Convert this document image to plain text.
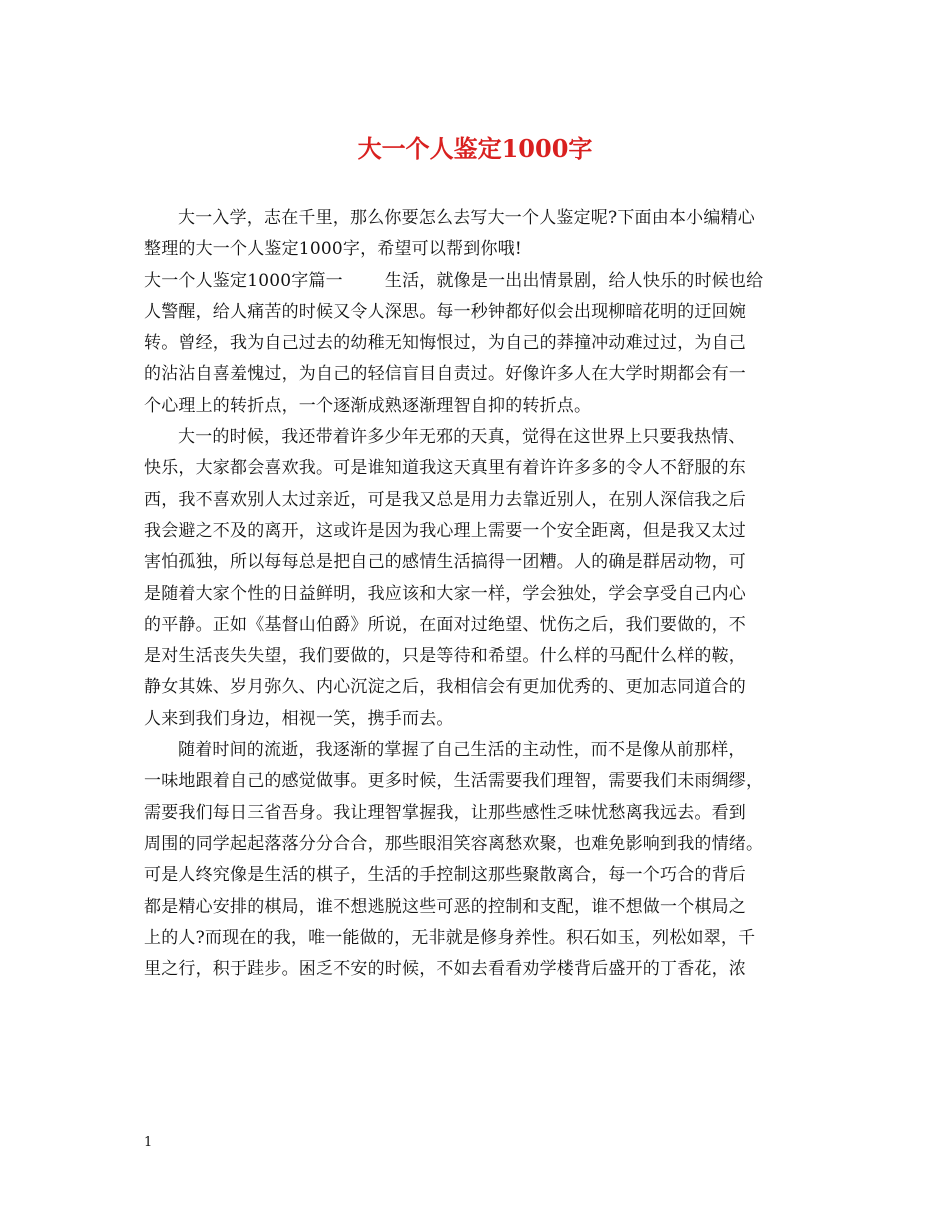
大一个人鉴定1000字
大一入学，志在千里，那么你要怎么去写大一个人鉴定呢?下面由本小编精心
整理的大一个人鉴定1000字，希望可以帮到你哦!
大一个人鉴定1000字篇一 生活，就像是一出出情景剧，给人快乐的时候也给
人警醒，给人痛苦的时候又令人深思。每一秒钟都好似会出现柳暗花明的迂回婉
转。曾经，我为自己过去的幼稚无知悔恨过，为自己的莽撞冲动难过过，为自己
的沾沾自喜羞愧过，为自己的轻信盲目自责过。好像许多人在大学时期都会有一
个心理上的转折点，一个逐渐成熟逐渐理智自抑的转折点。
大一的时候，我还带着许多少年无邪的天真，觉得在这世界上只要我热情、
快乐，大家都会喜欢我。可是谁知道我这天真里有着许许多多的令人不舒服的东
西，我不喜欢别人太过亲近，可是我又总是用力去靠近别人，在别人深信我之后
我会避之不及的离开，这或许是因为我心理上需要一个安全距离，但是我又太过
害怕孤独，所以每每总是把自己的感情生活搞得一团糟。人的确是群居动物，可
是随着大家个性的日益鲜明，我应该和大家一样，学会独处，学会享受自己内心
的平静。正如《基督山伯爵》所说，在面对过绝望、忧伤之后，我们要做的，不
是对生活丧失失望，我们要做的，只是等待和希望。什么样的马配什么样的鞍，
静女其姝、岁月弥久、内心沉淀之后，我相信会有更加优秀的、更加志同道合的
人来到我们身边，相视一笑，携手而去。
随着时间的流逝，我逐渐的掌握了自己生活的主动性，而不是像从前那样，
一味地跟着自己的感觉做事。更多时候，生活需要我们理智，需要我们未雨绸缪，
需要我们每日三省吾身。我让理智掌握我，让那些感性乏味忧愁离我远去。看到
周围的同学起起落落分分合合，那些眼泪笑容离愁欢聚，也难免影响到我的情绪。
可是人终究像是生活的棋子，生活的手控制这那些聚散离合，每一个巧合的背后
都是精心安排的棋局，谁不想逃脱这些可恶的控制和支配，谁不想做一个棋局之
上的人?而现在的我，唯一能做的，无非就是修身养性。积石如玉，列松如翠，千
里之行，积于跬步。困乏不安的时候，不如去看看劝学楼背后盛开的丁香花，浓
1
